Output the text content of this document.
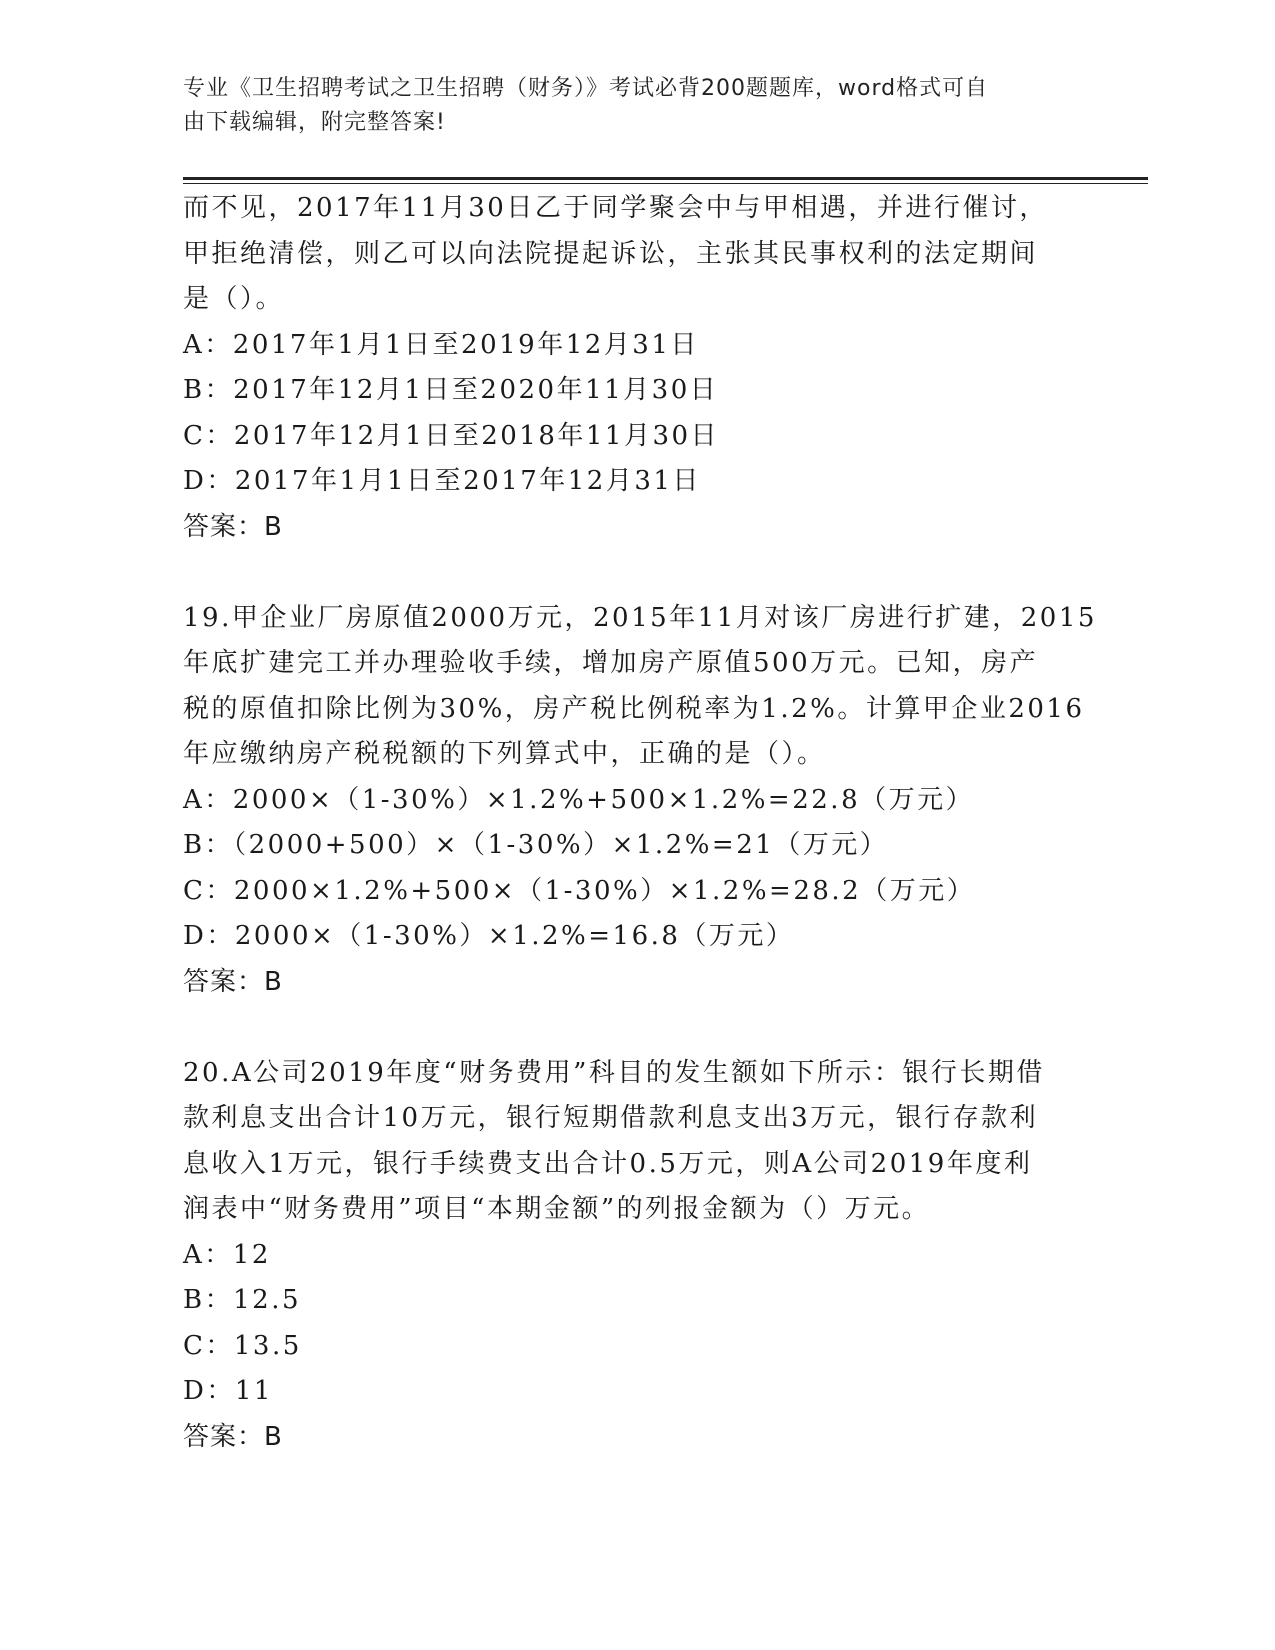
专业《卫生招聘考试之卫生招聘（财务）》考试必背200题题库，word格式可自
由下载编辑，附完整答案!
而不见，2017年11月30日乙于同学聚会中与甲相遇，并进行催讨，
甲拒绝清偿，则乙可以向法院提起诉讼，主张其民事权利的法定期间
是（）。
A：2017年1月1日至2019年12月31日
B：2017年12月1日至2020年11月30日
C：2017年12月1日至2018年11月30日
D：2017年1月1日至2017年12月31日
答案：B
19.甲企业厂房原值2000万元，2015年11月对该厂房进行扩建，2015
年底扩建完工并办理验收手续，增加房产原值500万元。已知，房产
税的原值扣除比例为30%，房产税比例税率为1.2%。计算甲企业2016
年应缴纳房产税税额的下列算式中，正确的是（）。
A：2000×（1-30%）×1.2%+500×1.2%=22.8（万元）
B：（2000+500）×（1-30%）×1.2%=21（万元）
C：2000×1.2%+500×（1-30%）×1.2%=28.2（万元）
D：2000×（1-30%）×1.2%=16.8（万元）
答案：B
20.A公司2019年度“财务费用”科目的发生额如下所示：银行长期借
款利息支出合计10万元，银行短期借款利息支出3万元，银行存款利
息收入1万元，银行手续费支出合计0.5万元，则A公司2019年度利
润表中“财务费用”项目“本期金额”的列报金额为（）万元。
A：12
B：12.5
C：13.5
D：11
答案：B
